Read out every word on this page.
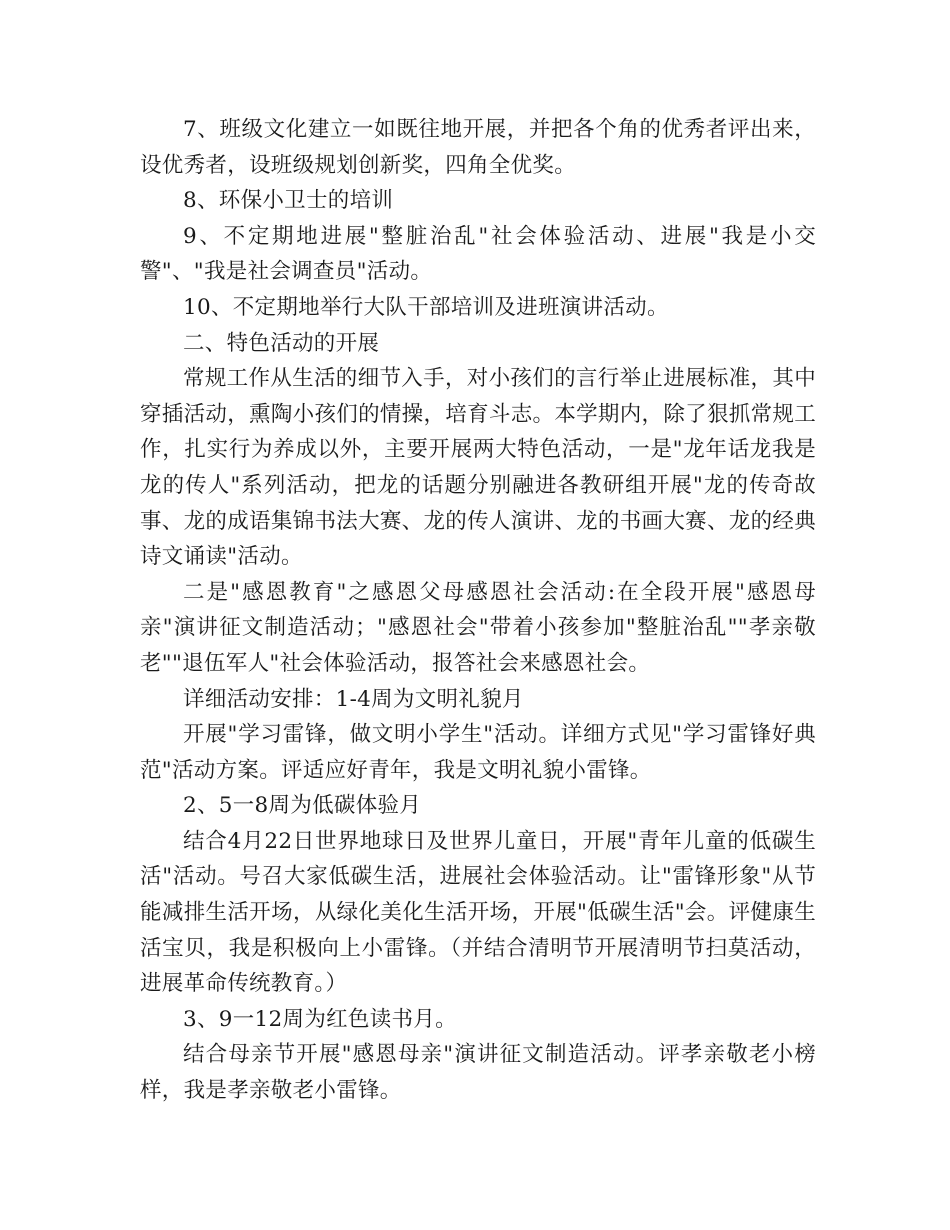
7、班级文化建立一如既往地开展，并把各个角的优秀者评出来，设优秀者，设班级规划创新奖，四角全优奖。

8、环保小卫士的培训

9、不定期地进展"整脏治乱"社会体验活动、进展"我是小交警"、"我是社会调查员"活动。

10、不定期地举行大队干部培训及进班演讲活动。

二、特色活动的开展

常规工作从生活的细节入手，对小孩们的言行举止进展标准，其中穿插活动，熏陶小孩们的情操，培育斗志。本学期内，除了狠抓常规工作，扎实行为养成以外，主要开展两大特色活动，一是"龙年话龙我是龙的传人"系列活动，把龙的话题分别融进各教研组开展"龙的传奇故事、龙的成语集锦书法大赛、龙的传人演讲、龙的书画大赛、龙的经典诗文诵读"活动。

二是"感恩教育"之感恩父母感恩社会活动:在全段开展"感恩母亲"演讲征文制造活动；"感恩社会"带着小孩参加"整脏治乱""孝亲敬老""退伍军人"社会体验活动，报答社会来感恩社会。

详细活动安排：1-4周为文明礼貌月

开展"学习雷锋，做文明小学生"活动。详细方式见"学习雷锋好典范"活动方案。评适应好青年，我是文明礼貌小雷锋。

2、5一8周为低碳体验月

结合4月22日世界地球日及世界儿童日，开展"青年儿童的低碳生活"活动。号召大家低碳生活，进展社会体验活动。让"雷锋形象"从节能减排生活开场，从绿化美化生活开场，开展"低碳生活"会。评健康生活宝贝，我是积极向上小雷锋。（并结合清明节开展清明节扫莫活动，进展革命传统教育。）

3、9一12周为红色读书月。

结合母亲节开展"感恩母亲"演讲征文制造活动。评孝亲敬老小榜样，我是孝亲敬老小雷锋。
